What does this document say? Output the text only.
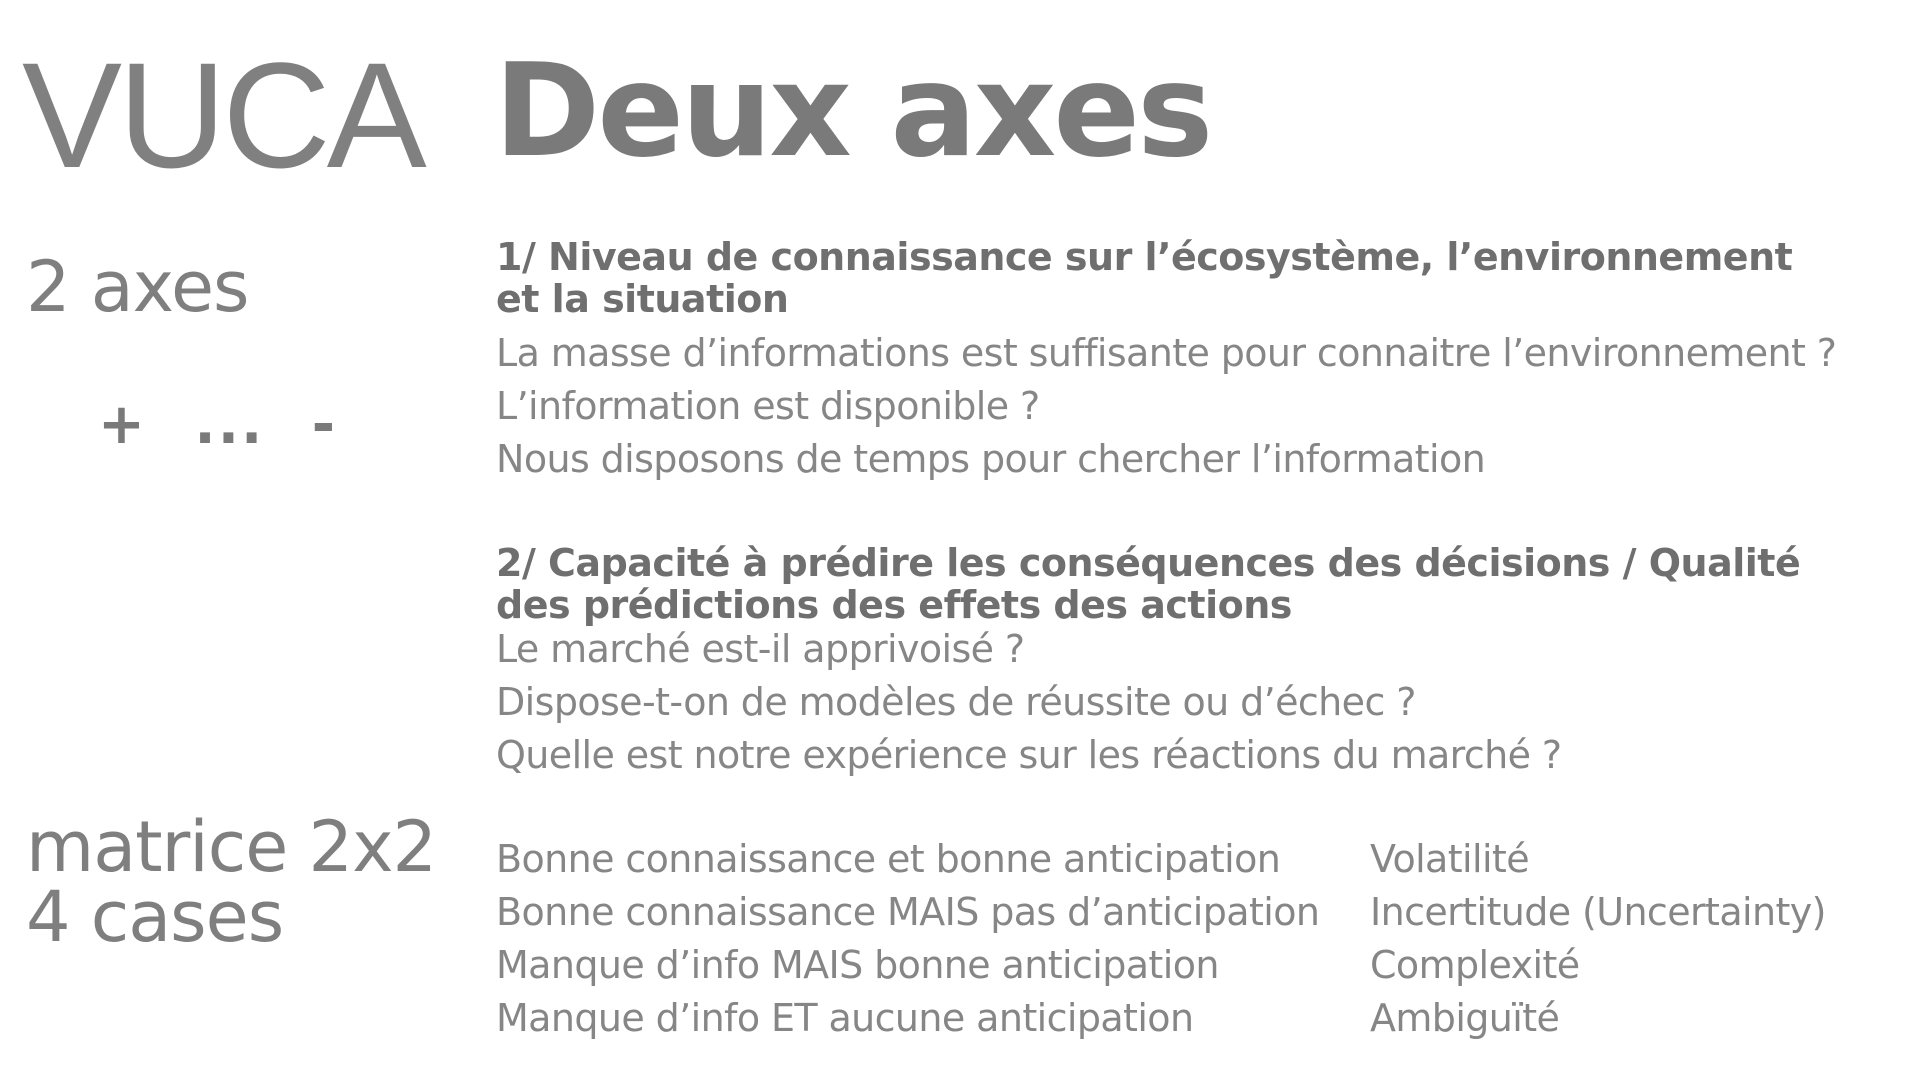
VUCA
2 axes
+ ... -
matrice 2x2
4 cases
Deux axes
1/ Niveau de connaissance sur l’écosystème, l’environnement et la situation
La masse d’informations est suffisante pour connaitre l’environnement ?
L’information est disponible ?
Nous disposons de temps pour chercher l’information
2/ Capacité à prédire les conséquences des décisions / Qualité des prédictions des effets des actions
Le marché est-il apprivoisé ?
Dispose-t-on de modèles de réussite ou d’échec ?
Quelle est notre expérience sur les réactions du marché ?
Bonne connaissance et bonne anticipation
Bonne connaissance MAIS pas d’anticipation
Manque d’info MAIS bonne anticipation
Manque d’info ET aucune anticipation
Volatilité
Incertitude (Uncertainty)
Complexité
Ambiguïté
